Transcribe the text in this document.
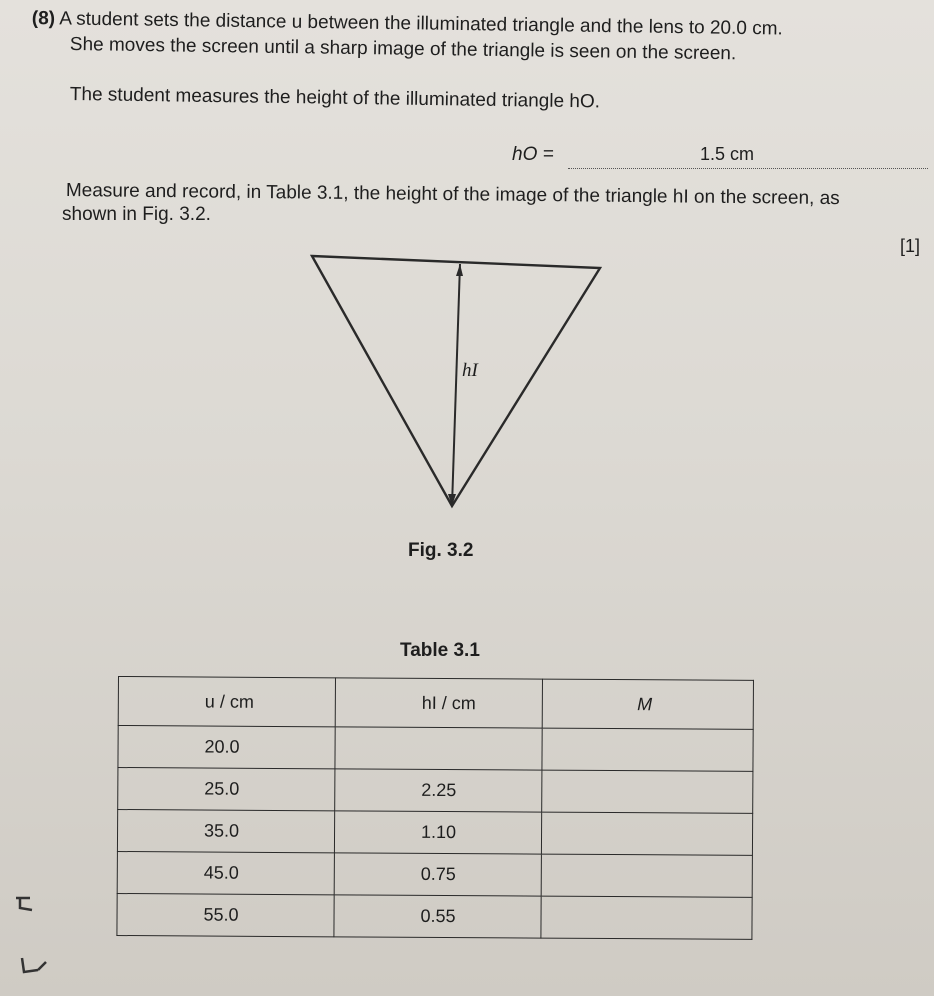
(8) A student sets the distance u between the illuminated triangle and the lens to 20.0 cm.
She moves the screen until a sharp image of the triangle is seen on the screen.
The student measures the height of the illuminated triangle hO.
hO =	1.5 cm
Measure and record, in Table 3.1, the height of the image of the triangle hI on the screen, as
shown in Fig. 3.2.
[1]
hI
Fig. 3.2
Table 3.1
u / cm	hI / cm	M
20.0		
25.0	2.25	
35.0	1.10	
45.0	0.75	
55.0	0.55	
